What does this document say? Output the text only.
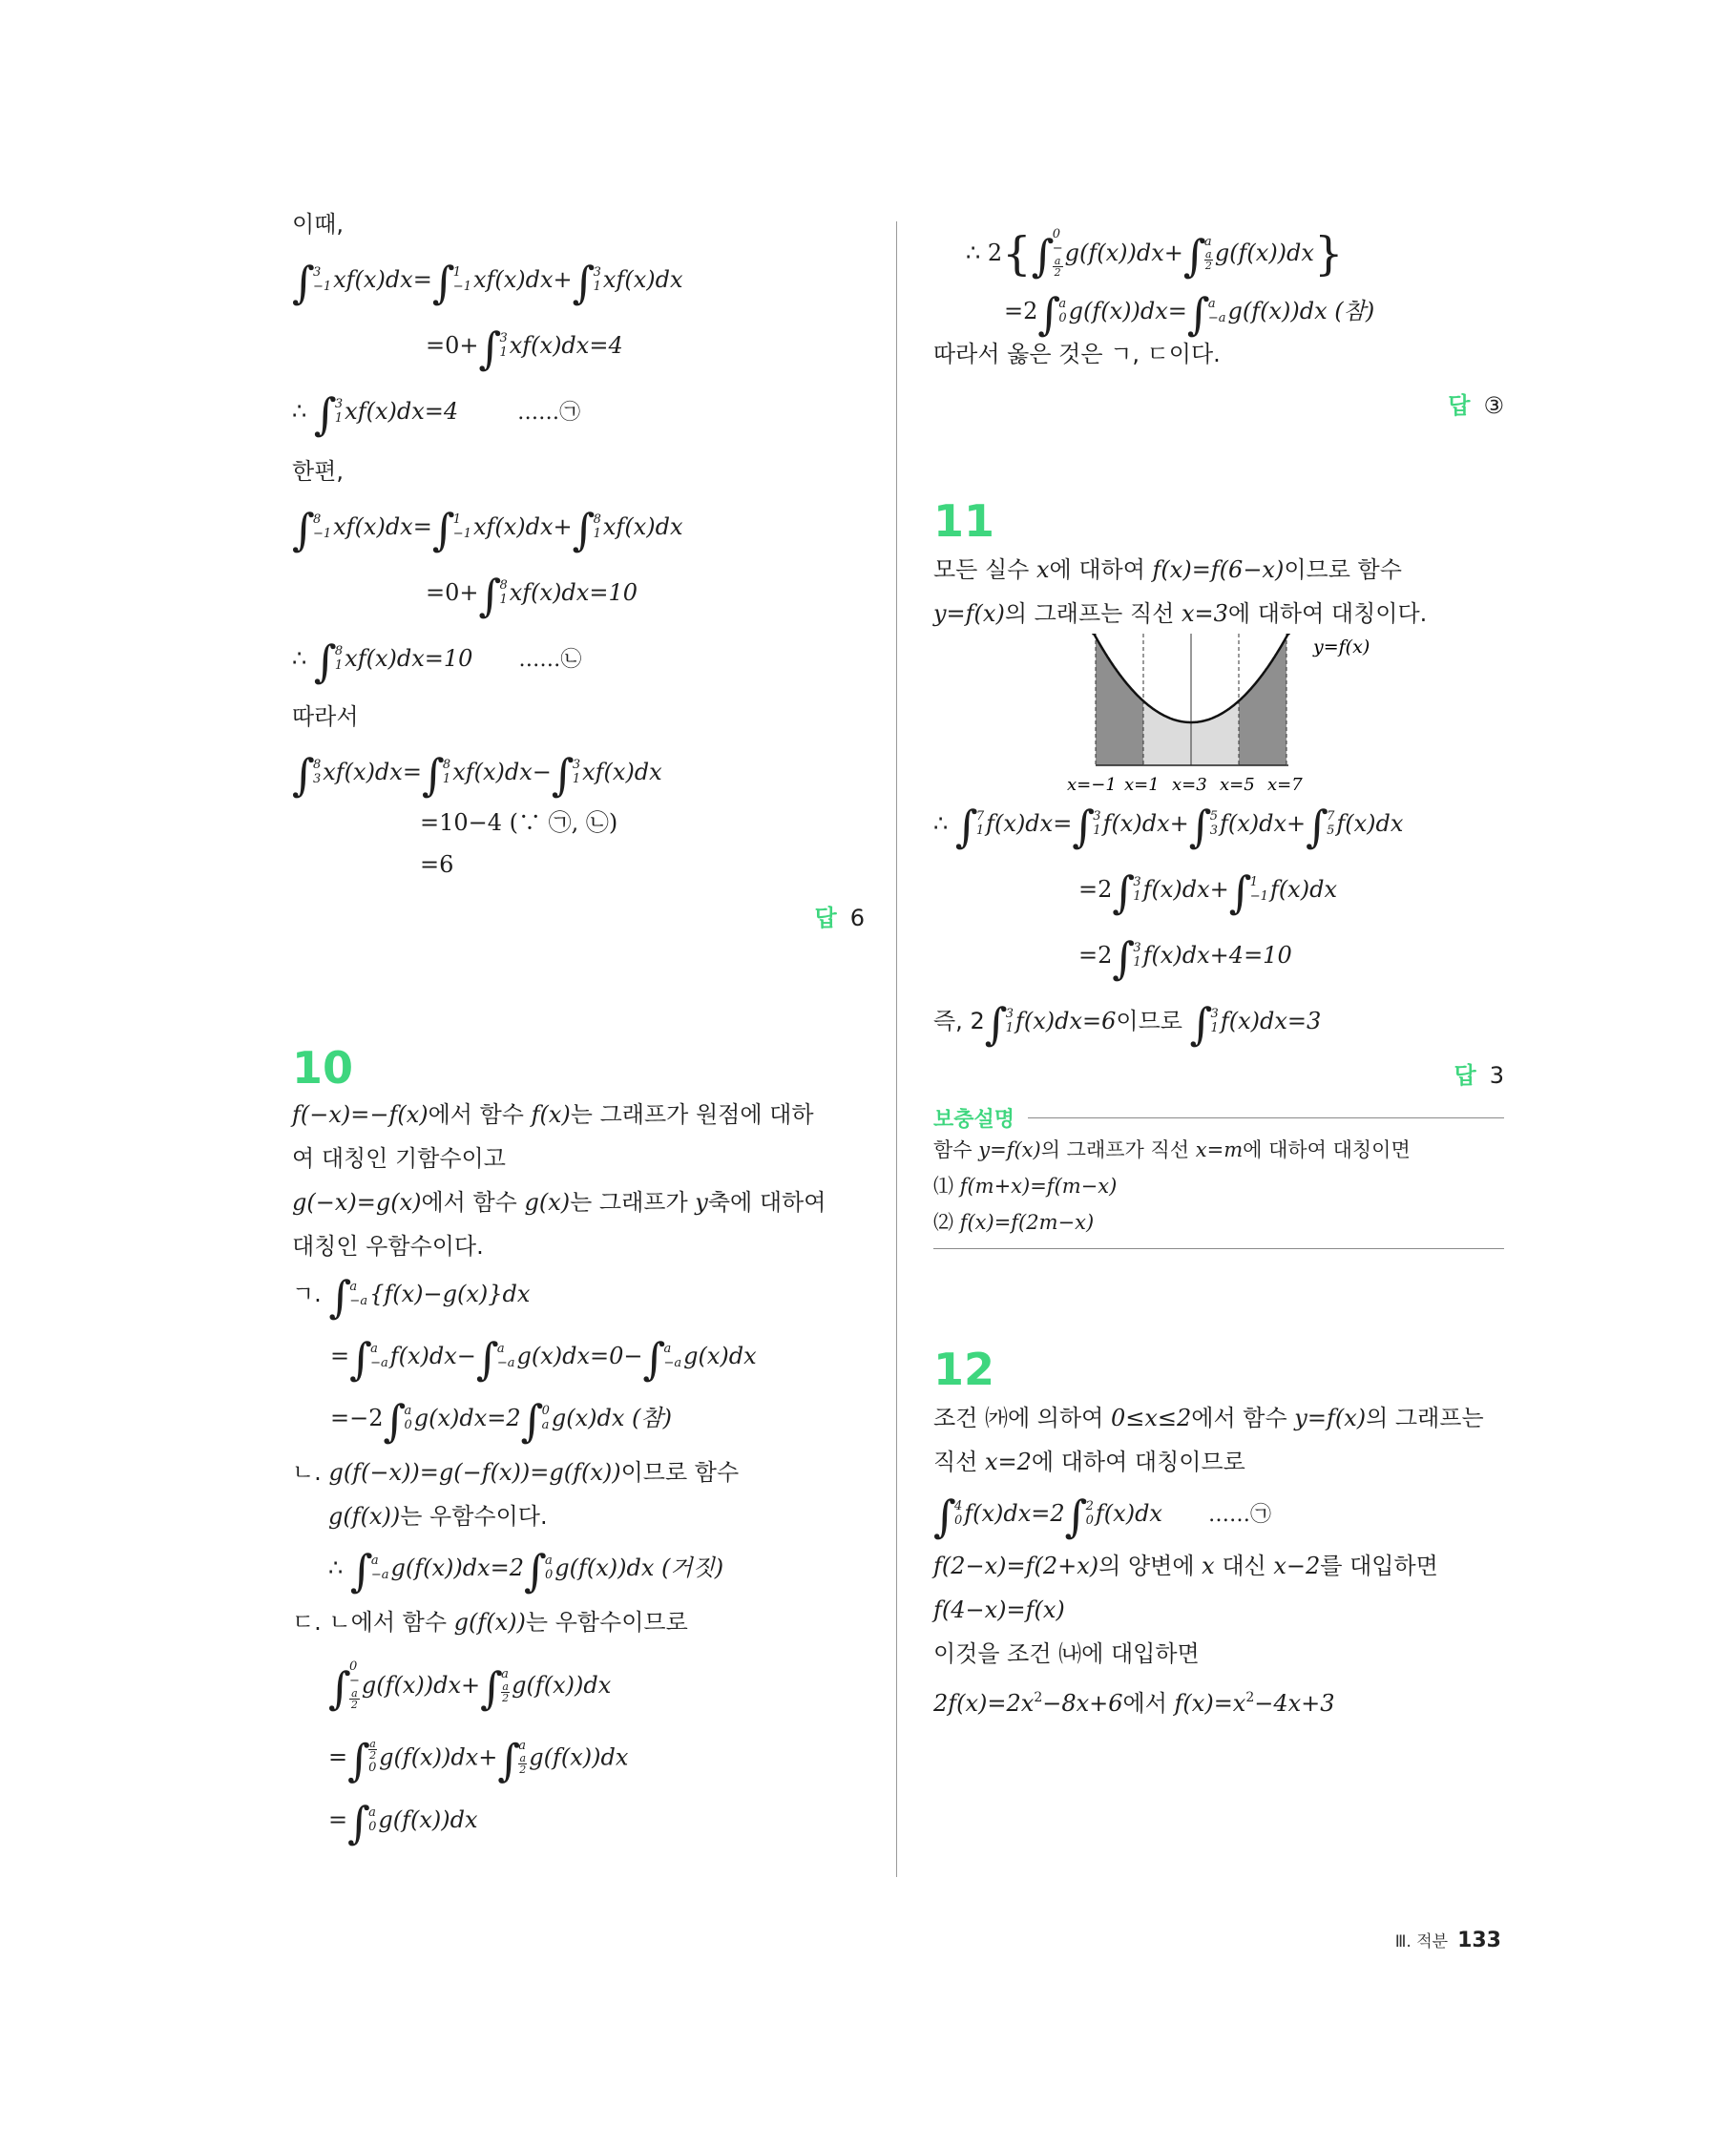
이때,
∫
3
−1 xf(x)dx=∫
1
−1 xf(x)dx+∫
3
1 xf(x)dx
=0+∫
3
1 xf(x)dx=4
∴ ∫
3
1 xf(x)dx=4	……㉠
한편,
∫
8
−1 xf(x)dx=∫
1
−1 xf(x)dx+∫
8
1 xf(x)dx
=0+∫
8
1 xf(x)dx=10
∴ ∫
8
1 xf(x)dx=10 ……㉡
따라서
∫
8
3 xf(x)dx=∫
8
1 xf(x)dx−∫
3
1 xf(x)dx
=10−4 (∵ ㉠, ㉡)
=6
답 6
10
f(−x)=−f(x)에서 함수 f(x)는 그래프가 원점에 대하
여 대칭인 기함수이고
g(−x)=g(x)에서 함수 g(x)는 그래프가 y축에 대하여
대칭인 우함수이다.
ㄱ. ∫
a
−a {f(x)−g(x)}dx
=∫
a
−a f(x)dx−∫
a
−a g(x)dx=0−∫
a
−a g(x)dx
=−2∫
a
0 g(x)dx=2∫
0
a g(x)dx (참)
ㄴ. g(f(−x))=g(−f(x))=g(f(x))이므로 함수
g(f(x))는 우함수이다.
∴ ∫
a
−a g(f(x))dx=2∫
a
0 g(f(x))dx (거짓)
ㄷ. ㄴ에서 함수 g(f(x))는 우함수이므로
∫
0
−
a
2
g(f(x))dx+∫
a
a
2 g(f(x))dx
=∫ a
2
0 g(f(x))dx+∫
a
a
2 g(f(x))dx
=∫
a
0 g(f(x))dx
∴ 2{∫
0
−
a
2
g(f(x))dx+∫
a
a
2 g(f(x))dx}
=2∫
a
0 g(f(x))dx=∫
a
−a g(f(x))dx (참)
따라서 옳은 것은 ㄱ, ㄷ이다.
답 ③
11
모든 실수 x에 대하여 f(x)=f(6−x)이므로 함수
y=f(x)의 그래프는 직선 x=3에 대하여 대칭이다.
y=f(x)
x=−1 x=1 x=3 x=5 x=7
∴ ∫
7
1 f(x)dx=∫
3
1 f(x)dx+∫
5
3 f(x)dx+∫
7
5 f(x)dx
=2∫
3
1 f(x)dx+∫
1
−1 f(x)dx
=2∫
3
1 f(x)dx+4=10
즉, 2∫
3
1 f(x)dx=6이므로 ∫
3
1 f(x)dx=3
답 3
보충설명
함수 y=f(x)의 그래프가 직선 x=m에 대하여 대칭이면
⑴ f(m+x)=f(m−x)
⑵ f(x)=f(2m−x)
12
조건 ㈎에 의하여 0≤x≤2에서 함수 y=f(x)의 그래프는
직선 x=2에 대하여 대칭이므로
∫
4
0 f(x)dx=2∫
2
0 f(x)dx ……㉠
f(2−x)=f(2+x)의 양변에 x 대신 x−2를 대입하면
f(4−x)=f(x)
이것을 조건 ㈏에 대입하면
$2f(x)=2x^2-8x+6$에서 $f(x)=x^2-4x+3$
Ⅲ. 적분 133
